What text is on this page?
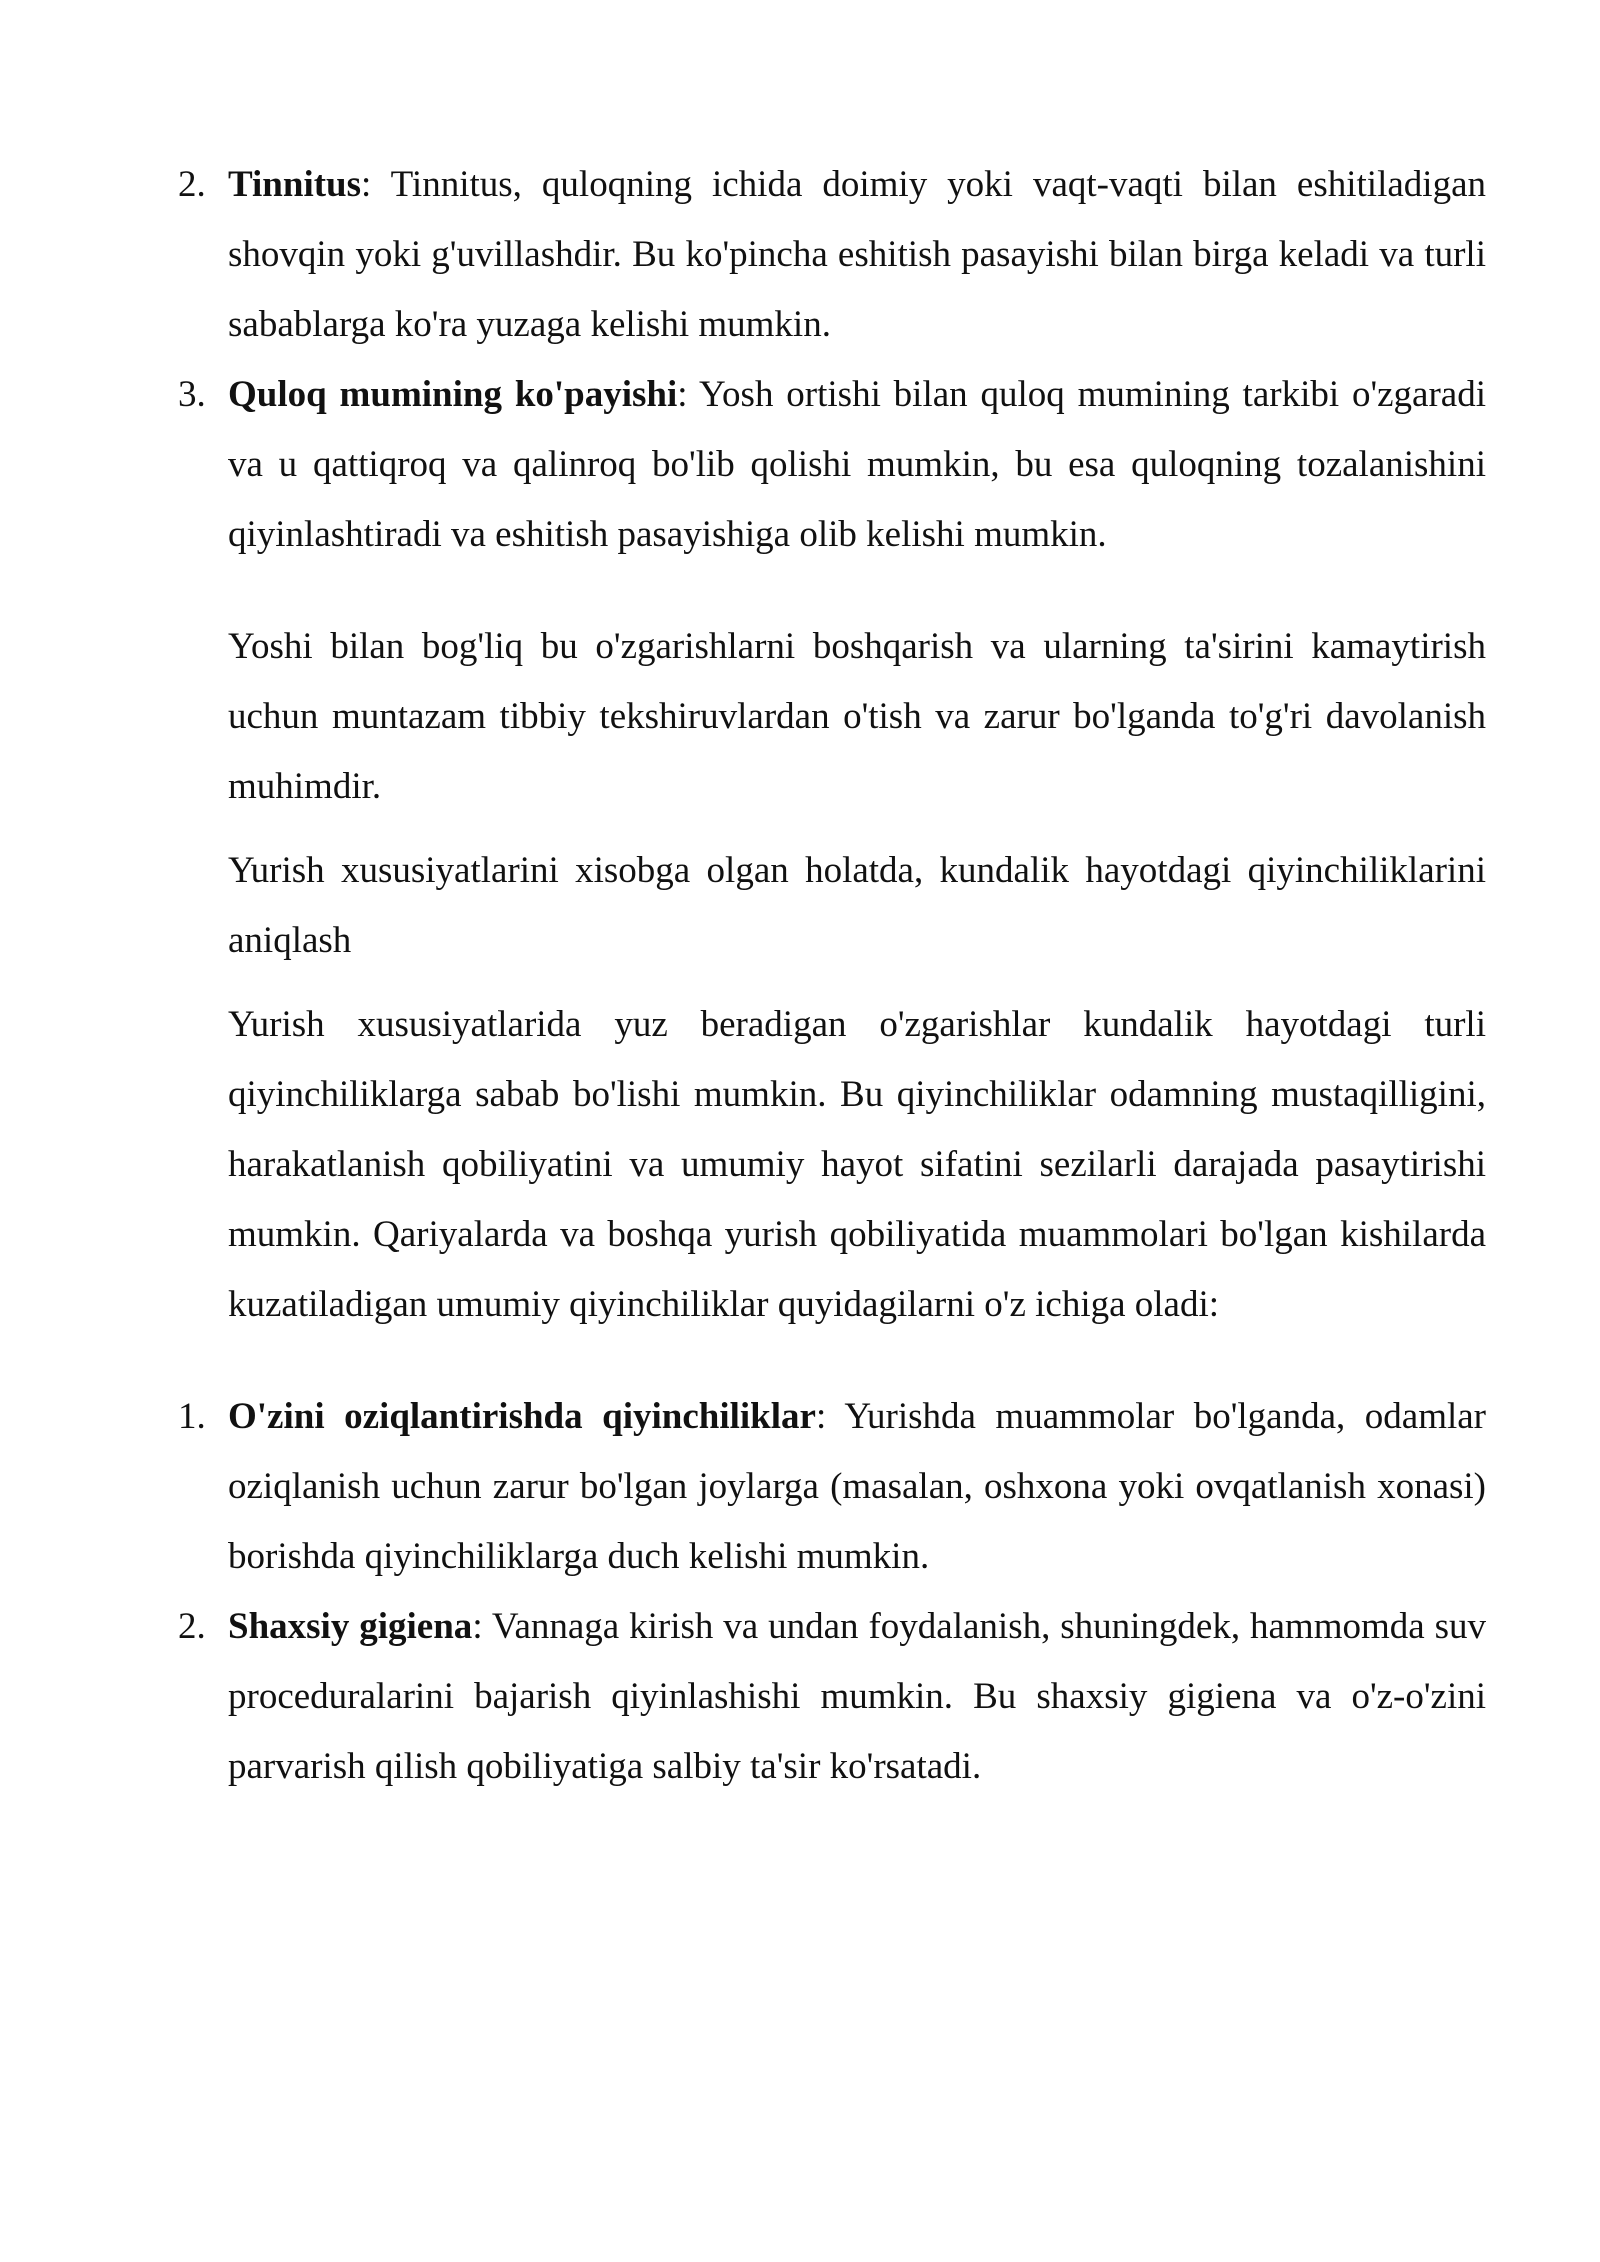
2. Tinnitus: Tinnitus, quloqning ichida doimiy yoki vaqt-vaqti bilan eshitiladigan shovqin yoki g'uvillashdir. Bu ko'pincha eshitish pasayishi bilan birga keladi va turli sabablarga ko'ra yuzaga kelishi mumkin.
3. Quloq mumining ko'payishi: Yosh ortishi bilan quloq mumining tarkibi o'zgaradi va u qattiqroq va qalinroq bo'lib qolishi mumkin, bu esa quloqning tozalanishini qiyinlashtiradi va eshitish pasayishiga olib kelishi mumkin.

Yoshi bilan bog'liq bu o'zgarishlarni boshqarish va ularning ta'sirini kamaytirish uchun muntazam tibbiy tekshiruvlardan o'tish va zarur bo'lganda to'g'ri davolanish muhimdir.

Yurish xususiyatlarini xisobga olgan holatda, kundalik hayotdagi qiyinchiliklarini aniqlash

Yurish xususiyatlarida yuz beradigan o'zgarishlar kundalik hayotdagi turli qiyinchiliklarga sabab bo'lishi mumkin. Bu qiyinchiliklar odamning mustaqilligini, harakatlanish qobiliyatini va umumiy hayot sifatini sezilarli darajada pasaytirishi mumkin. Qariyalarda va boshqa yurish qobiliyatida muammolari bo'lgan kishilarda kuzatiladigan umumiy qiyinchiliklar quyidagilarni o'z ichiga oladi:

1. O'zini oziqlantirishda qiyinchiliklar: Yurishda muammolar bo'lganda, odamlar oziqlanish uchun zarur bo'lgan joylarga (masalan, oshxona yoki ovqatlanish xonasi) borishda qiyinchiliklarga duch kelishi mumkin.
2. Shaxsiy gigiena: Vannaga kirish va undan foydalanish, shuningdek, hammomda suv proceduralarini bajarish qiyinlashishi mumkin. Bu shaxsiy gigiena va o'z-o'zini parvarish qilish qobiliyatiga salbiy ta'sir ko'rsatadi.
